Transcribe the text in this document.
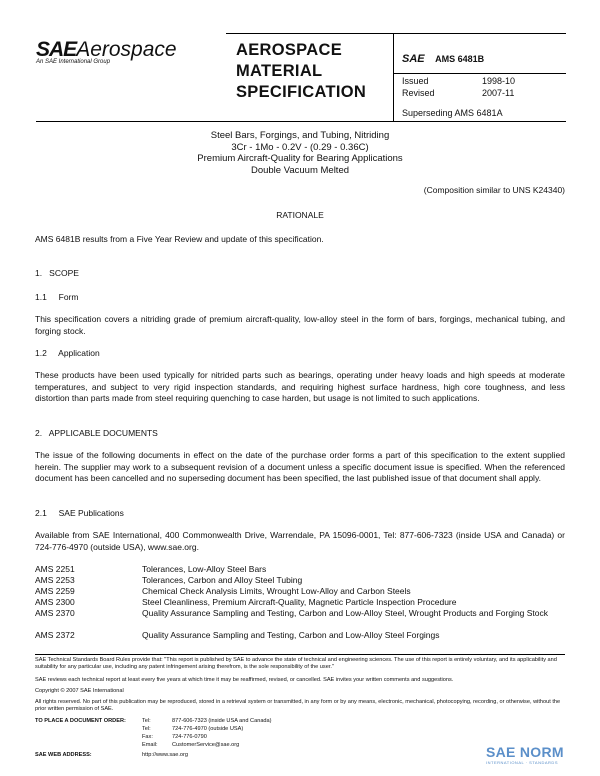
SAEAerospace
An SAE International Group
AEROSPACE
MATERIAL
SPECIFICATION
SAE AMS 6481B
Issued	1998-10
Revised	2007-11
Superseding AMS 6481A
Steel Bars, Forgings, and Tubing, Nitriding
3Cr - 1Mo - 0.2V - (0.29 - 0.36C)
Premium Aircraft-Quality for Bearing Applications
Double Vacuum Melted
(Composition similar to UNS K24340)
RATIONALE
AMS 6481B results from a Five Year Review and update of this specification.
1.   SCOPE
1.1     Form
This specification covers a nitriding grade of premium aircraft-quality, low-alloy steel in the form of bars, forgings, mechanical tubing, and forging stock.
1.2     Application
These products have been used typically for nitrided parts such as bearings, operating under heavy loads and high speeds at moderate temperatures, and subject to very rigid inspection standards, and requiring highest surface hardness, high core toughness, and less distortion than parts made from steel requiring quenching to case harden, but usage is not limited to such applications.
2.   APPLICABLE DOCUMENTS
The issue of the following documents in effect on the date of the purchase order forms a part of this specification to the extent supplied herein. The supplier may work to a subsequent revision of a document unless a specific document issue is specified. When the referenced document has been cancelled and no superseding document has been specified, the last published issue of that document shall apply.
2.1     SAE Publications
Available from SAE International, 400 Commonwealth Drive, Warrendale, PA 15096-0001, Tel: 877-606-7323 (inside USA and Canada) or 724-776-4970 (outside USA), www.sae.org.
AMS 2251	Tolerances, Low-Alloy Steel Bars
AMS 2253	Tolerances, Carbon and Alloy Steel Tubing
AMS 2259	Chemical Check Analysis Limits, Wrought Low-Alloy and Carbon Steels
AMS 2300	Steel Cleanliness, Premium Aircraft-Quality, Magnetic Particle Inspection Procedure
AMS 2370	Quality Assurance Sampling and Testing, Carbon and Low-Alloy Steel, Wrought Products and Forging Stock
AMS 2372	Quality Assurance Sampling and Testing, Carbon and Low-Alloy Steel Forgings
SAE Technical Standards Board Rules provide that: "This report is published by SAE to advance the state of technical and engineering sciences. The use of this report is entirely voluntary, and its applicability and suitability for any particular use, including any patent infringement arising therefrom, is the sole responsibility of the user."
SAE reviews each technical report at least every five years at which time it may be reaffirmed, revised, or cancelled. SAE invites your written comments and suggestions.
Copyright © 2007 SAE International
All rights reserved. No part of this publication may be reproduced, stored in a retrieval system or transmitted, in any form or by any means, electronic, mechanical, photocopying, recording, or otherwise, without the prior written permission of SAE.
TO PLACE A DOCUMENT ORDER:	Tel:	877-606-7323 (inside USA and Canada)
Tel:	724-776-4970 (outside USA)
Fax:	724-776-0790
Email:	CustomerService@sae.org
SAE WEB ADDRESS:	http://www.sae.org	SAE NORM
INTERNATIONAL · STANDARDS
